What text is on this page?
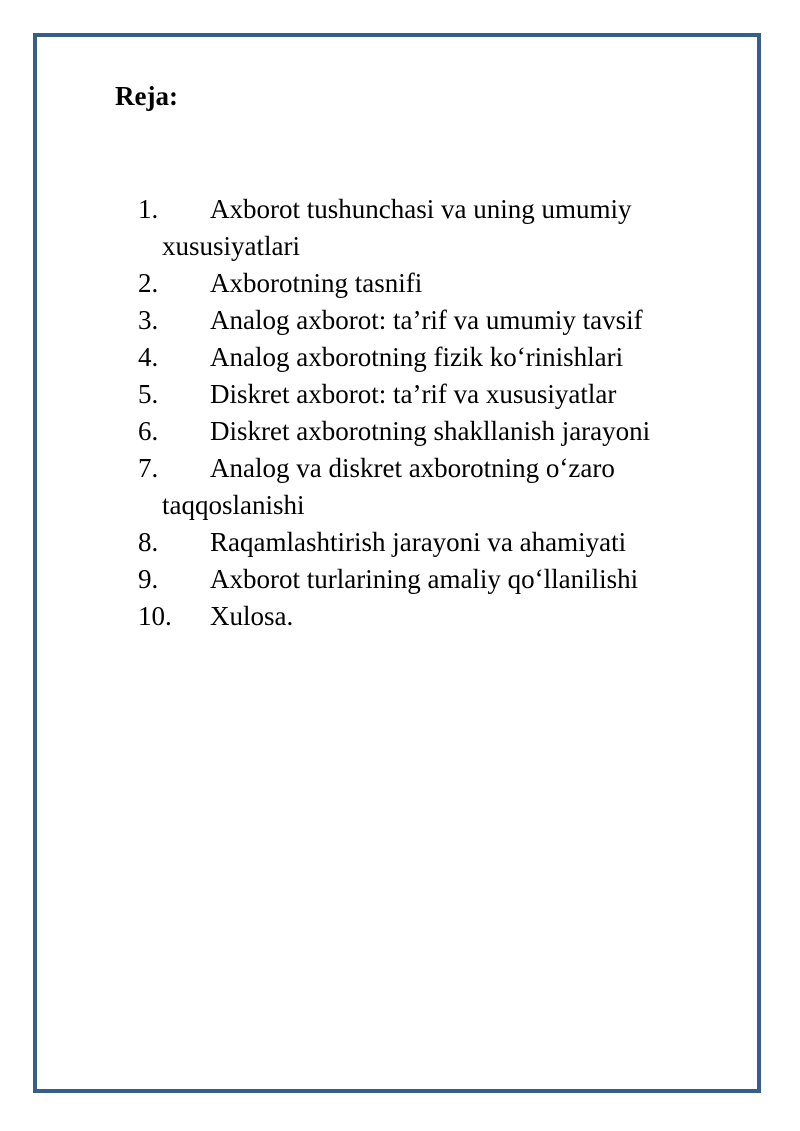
Reja:
1. Axborot tushunchasi va uning umumiy
xususiyatlari
2. Axborotning tasnifi
3. Analog axborot: ta’rif va umumiy tavsif
4. Analog axborotning fizik ko‘rinishlari
5. Diskret axborot: ta’rif va xususiyatlar
6. Diskret axborotning shakllanish jarayoni
7. Analog va diskret axborotning o‘zaro
taqqoslanishi
8. Raqamlashtirish jarayoni va ahamiyati
9. Axborot turlarining amaliy qo‘llanilishi
10. Xulosa.
